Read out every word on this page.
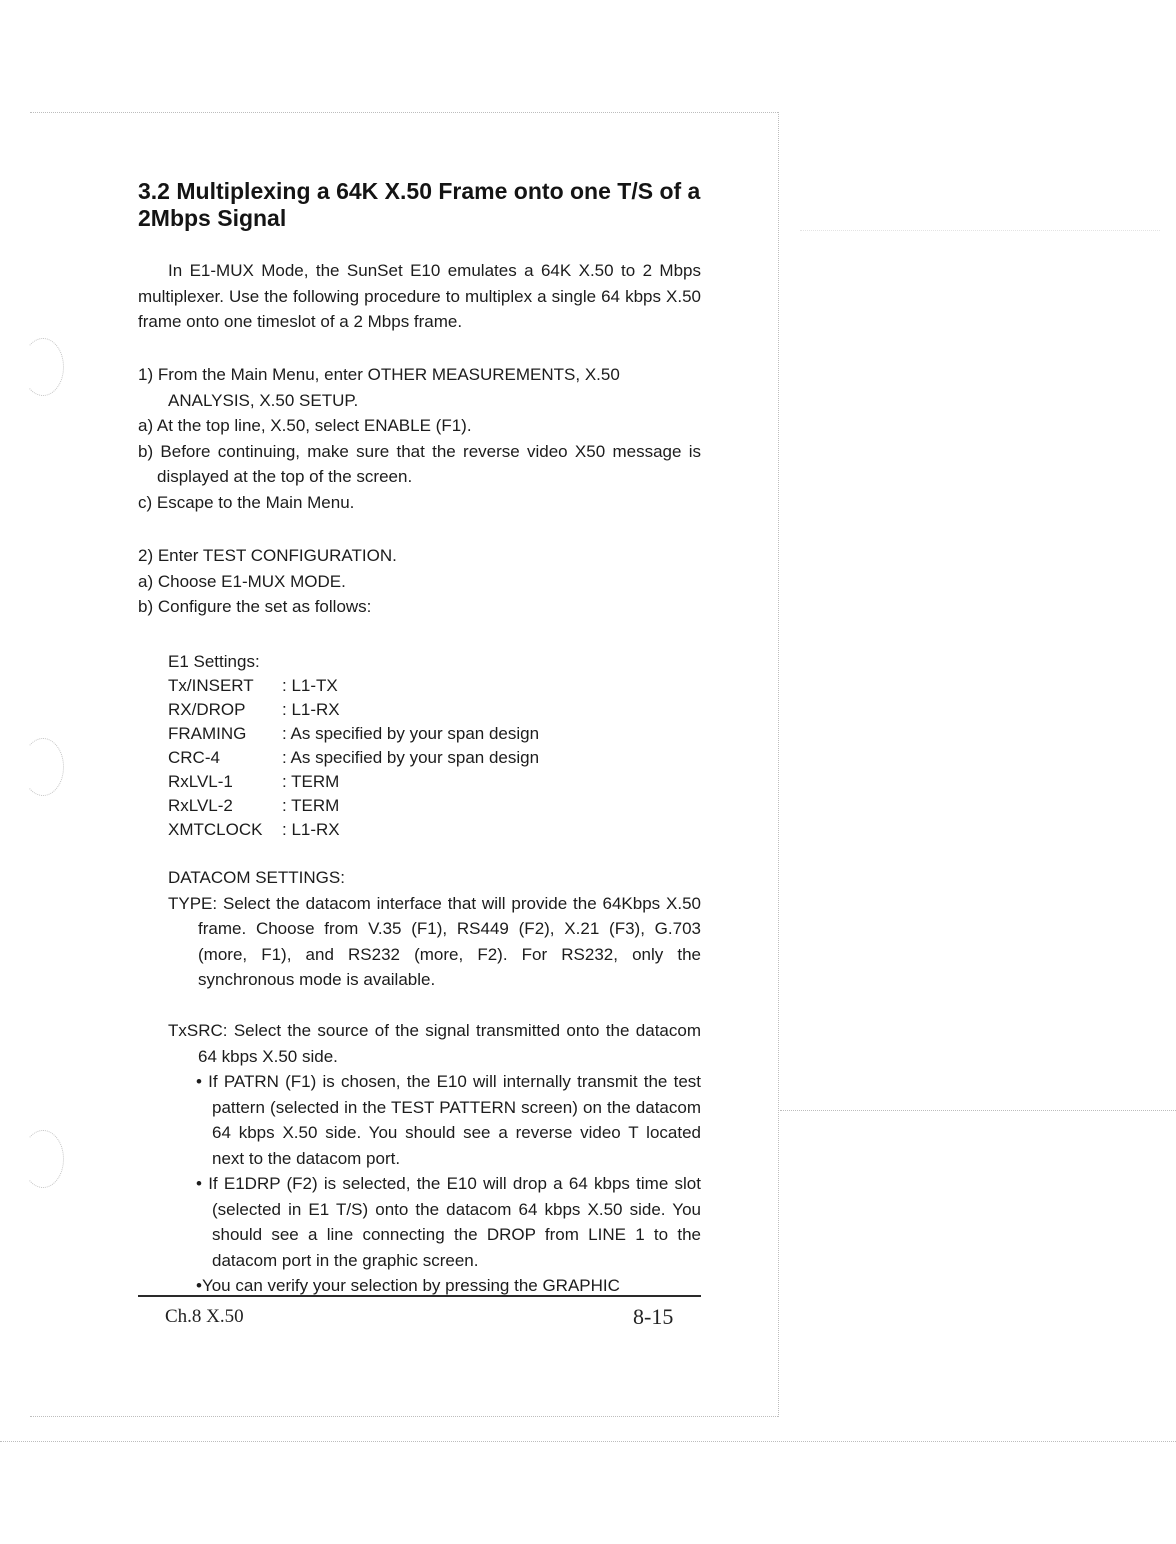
3.2 Multiplexing a 64K X.50 Frame onto one T/S of a 2Mbps Signal

In E1-MUX Mode, the SunSet E10 emulates a 64K X.50 to 2 Mbps multiplexer. Use the following procedure to multiplex a single 64 kbps X.50 frame onto one timeslot of a 2 Mbps frame.

1) From the Main Menu, enter OTHER MEASUREMENTS, X.50 ANALYSIS, X.50 SETUP.
a) At the top line, X.50, select ENABLE (F1).
b) Before continuing, make sure that the reverse video X50 message is displayed at the top of the screen.
c) Escape to the Main Menu.
2) Enter TEST CONFIGURATION.
a) Choose E1-MUX MODE.
b) Configure the set as follows:
E1 Settings:
Tx/INSERT	: L1-TX
RX/DROP	: L1-RX
FRAMING	: As specified by your span design
CRC-4	: As specified by your span design
RxLVL-1	: TERM
RxLVL-2	: TERM
XMTCLOCK	: L1-RX
DATACOM SETTINGS:
TYPE: Select the datacom interface that will provide the 64Kbps X.50 frame. Choose from V.35 (F1), RS449 (F2), X.21 (F3), G.703 (more, F1), and RS232 (more, F2). For RS232, only the synchronous mode is available.
TxSRC: Select the source of the signal transmitted onto the datacom 64 kbps X.50 side.
• If PATRN (F1) is chosen, the E10 will internally transmit the test pattern (selected in the TEST PATTERN screen) on the datacom 64 kbps X.50 side. You should see a reverse video T located next to the datacom port.
• If E1DRP (F2) is selected, the E10 will drop a 64 kbps time slot (selected in E1 T/S) onto the datacom 64 kbps X.50 side. You should see a line connecting the DROP from LINE 1 to the datacom port in the graphic screen.
•You can verify your selection by pressing the GRAPHIC
Ch.8 X.50	8-15
